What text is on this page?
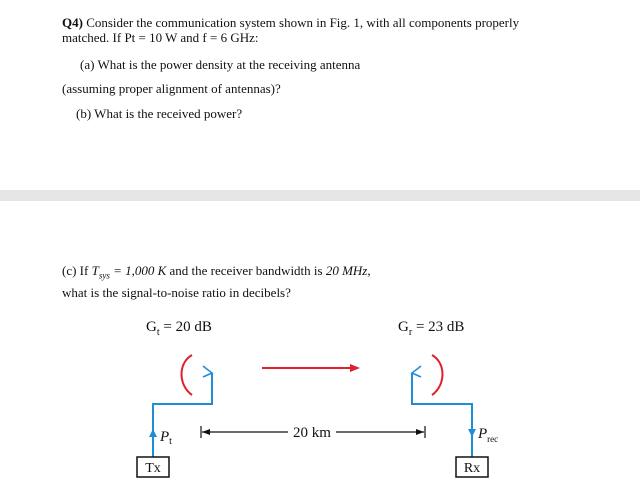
Q4) Consider the communication system shown in Fig. 1, with all components properly
matched. If Pt = 10 W and f = 6 GHz:
(a) What is the power density at the receiving antenna
(assuming proper alignment of antennas)?
(b) What is the received power?
(c) If $T_{sys} = 1,000$ K and the receiver bandwidth is 20 MHz,
what is the signal-to-noise ratio in decibels?
$G_t = 20$ dB	$G_r = 23$ dB
$P_t$
Tx
$P_{rec}$
Rx
20 km
